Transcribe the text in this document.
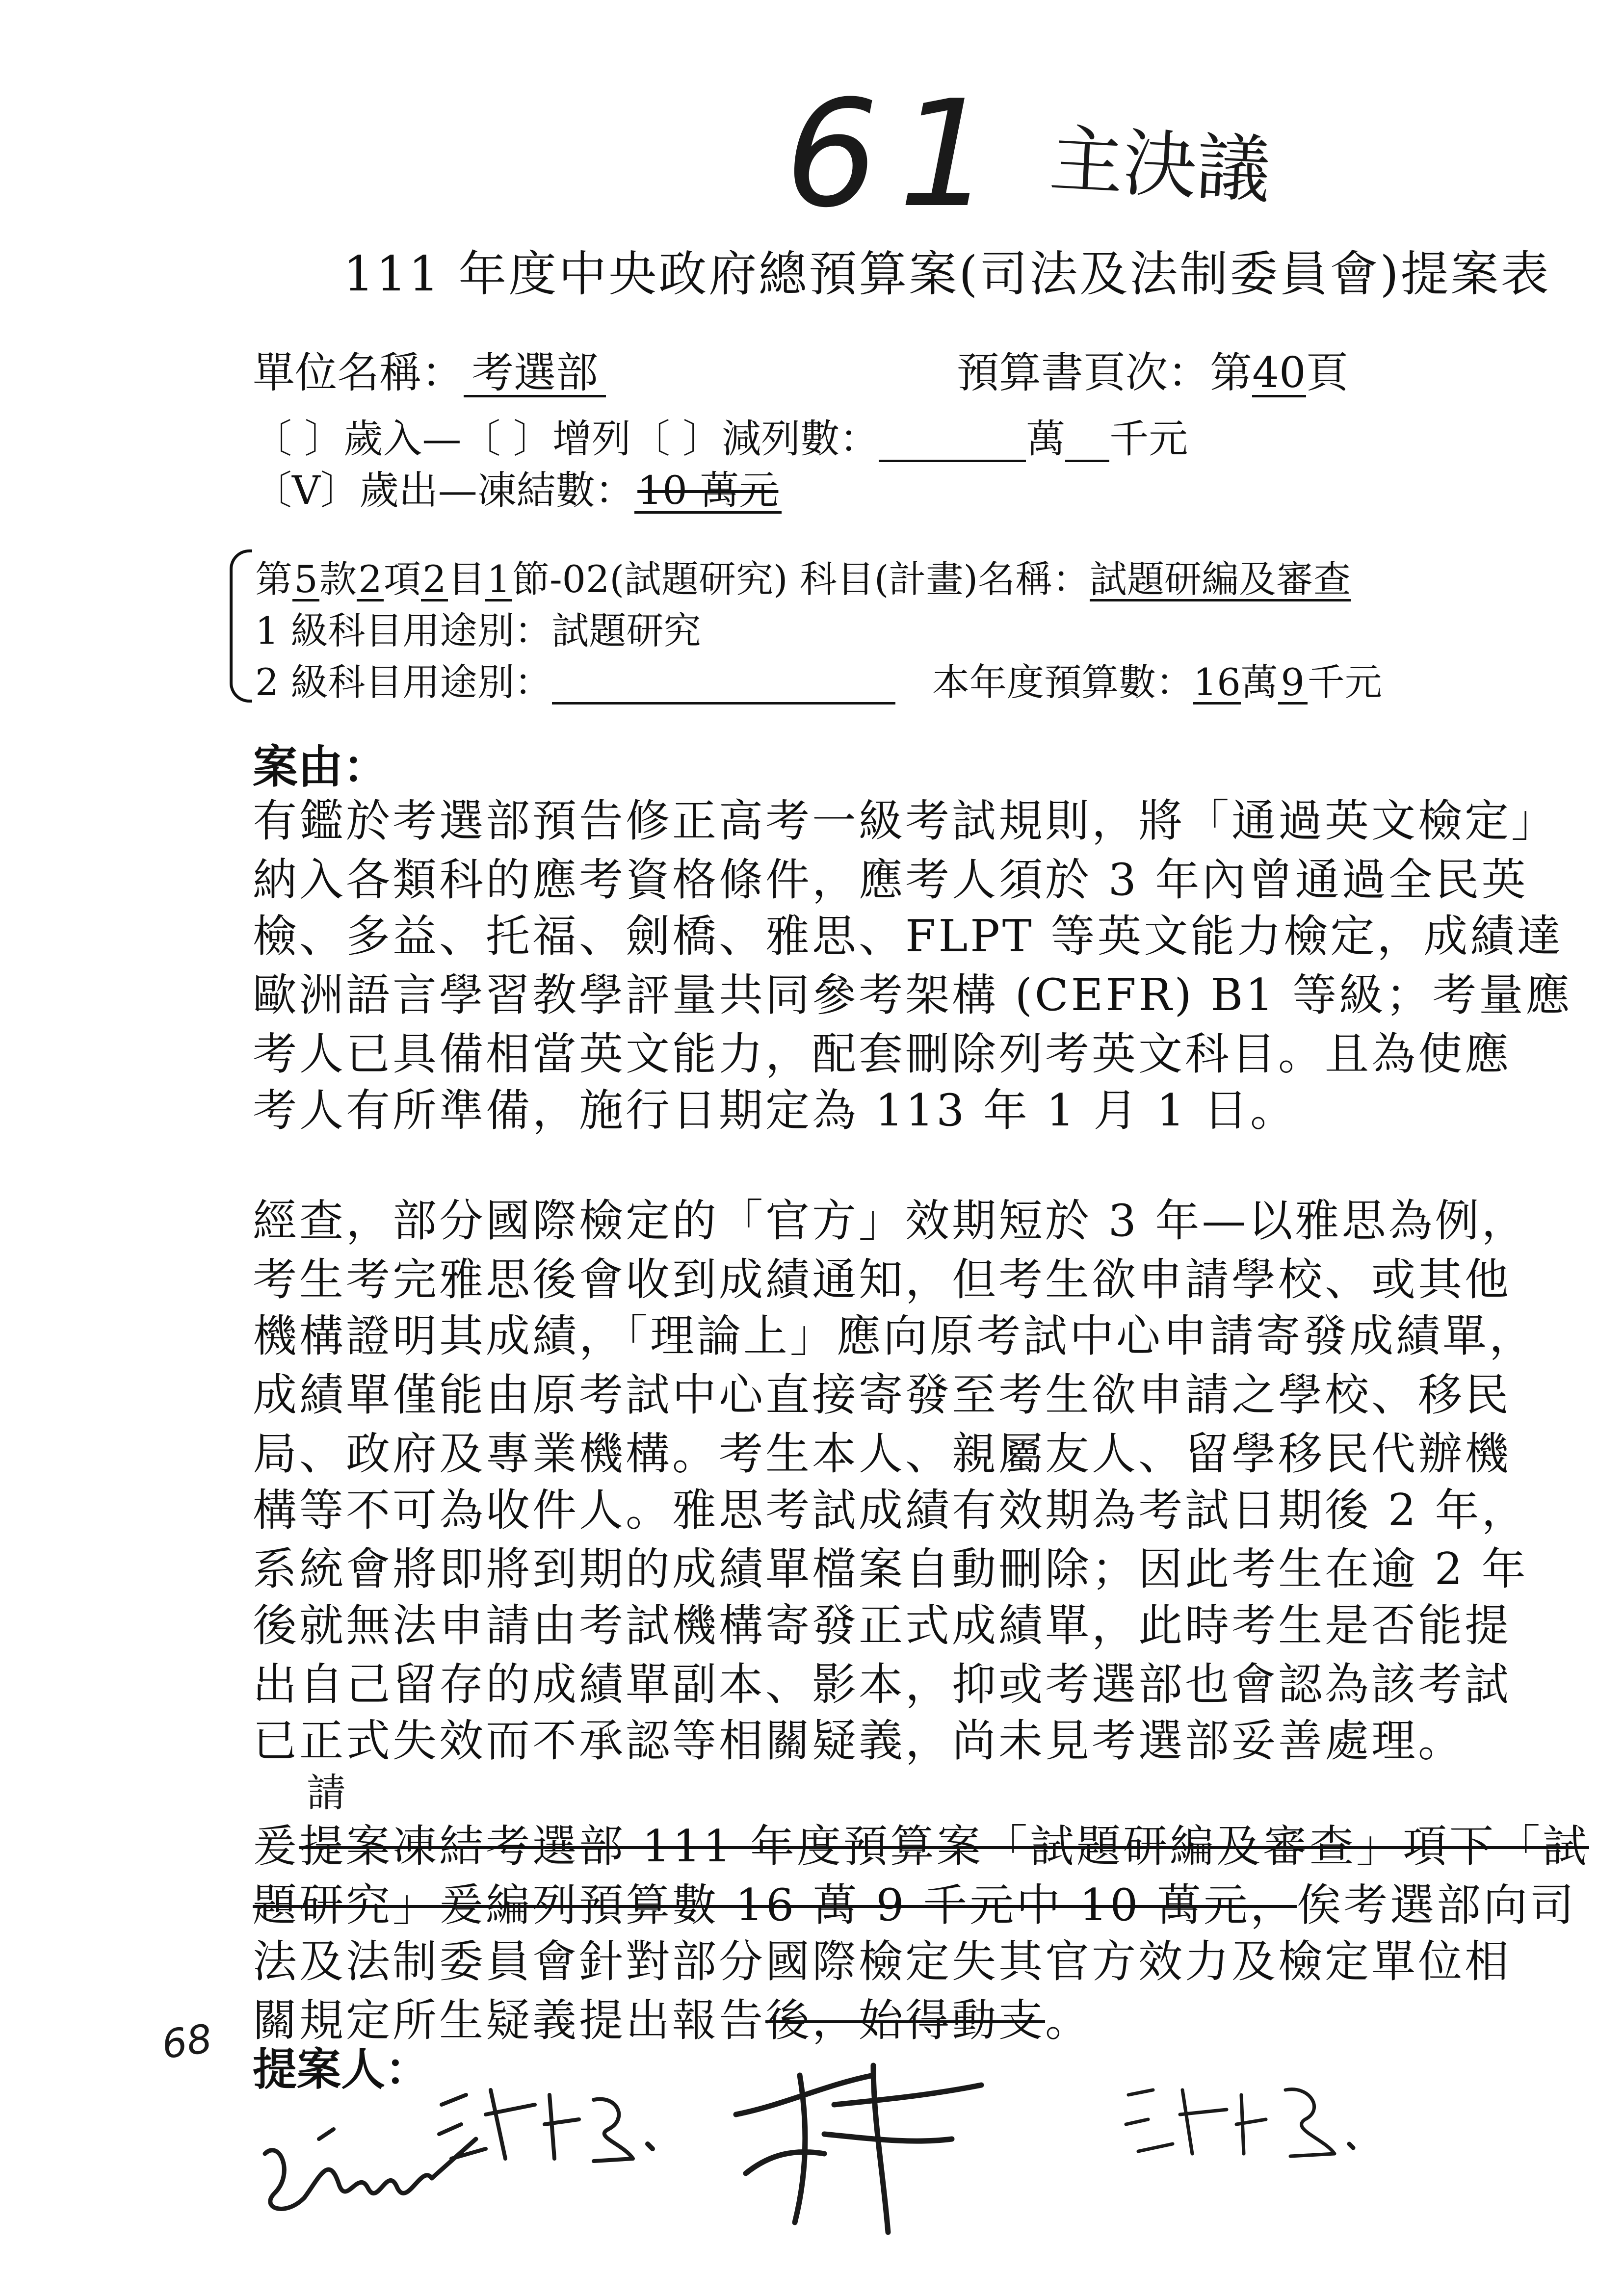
61 主決議
111 年度中央政府總預算案(司法及法制委員會)提案表
單位名稱： 考選部	預算書頁次：第40頁
〔 〕歲入—〔 〕增列〔 〕減列數：	萬 千元
〔V〕歲出—凍結數：10 萬元
第5款2項2目1節-02(試題研究) 科目(計畫)名稱：試題研編及審查
1 級科目用途別：試題研究
2 級科目用途別：	本年度預算數：16萬9千元
案由：
有鑑於考選部預告修正高考一級考試規則，將「通過英文檢定」
納入各類科的應考資格條件，應考人須於 3 年內曾通過全民英
檢、多益、托福、劍橋、雅思、FLPT 等英文能力檢定，成績達
歐洲語言學習教學評量共同參考架構 (CEFR) B1 等級；考量應
考人已具備相當英文能力，配套刪除列考英文科目。且為使應
考人有所準備，施行日期定為 113 年 1 月 1 日。
經查，部分國際檢定的「官方」效期短於 3 年—以雅思為例，
考生考完雅思後會收到成績通知，但考生欲申請學校、或其他
機構證明其成績，「理論上」應向原考試中心申請寄發成績單，
成績單僅能由原考試中心直接寄發至考生欲申請之學校、移民
局、政府及專業機構。考生本人、親屬友人、留學移民代辦機
構等不可為收件人。雅思考試成績有效期為考試日期後 2 年，
系統會將即將到期的成績單檔案自動刪除；因此考生在逾 2 年
後就無法申請由考試機構寄發正式成績單，此時考生是否能提
出自己留存的成績單副本、影本，抑或考選部也會認為該考試
已正式失效而不承認等相關疑義，尚未見考選部妥善處理。
請
爰提案凍結考選部 111 年度預算案「試題研編及審查」項下「試
題研究」爰編列預算數 16 萬 9 千元中 10 萬元，俟考選部向司
法及法制委員會針對部分國際檢定失其官方效力及檢定單位相
關規定所生疑義提出報告後，始得動支。
68
提案人：
